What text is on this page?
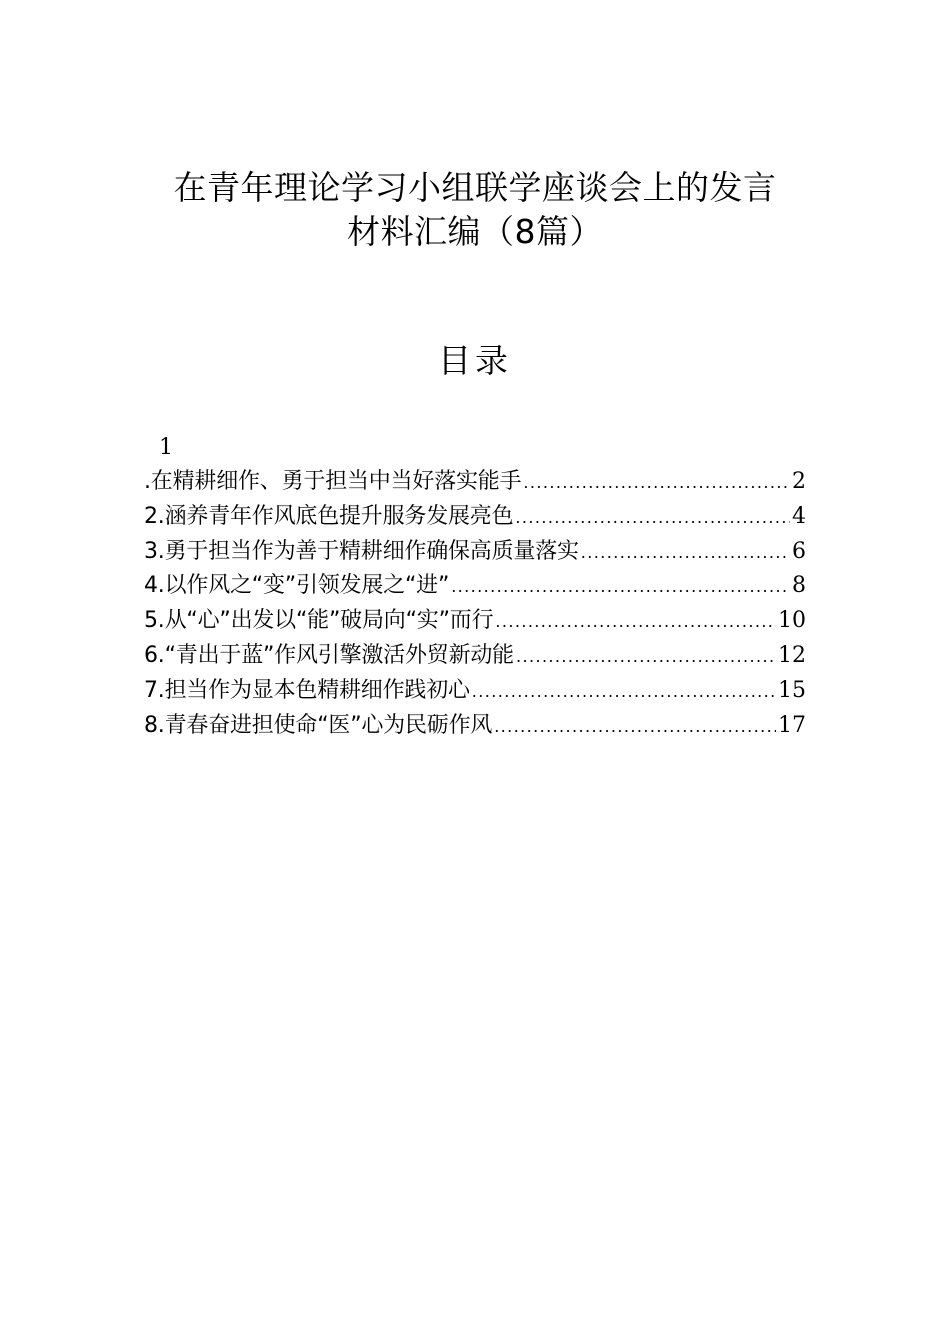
在青年理论学习小组联学座谈会上的发言
材料汇编（8篇）
目录
1
.在精耕细作、勇于担当中当好落实能手 .....	2
2.涵养青年作风底色提升服务发展亮色 .....	4
3.勇于担当作为善于精耕细作确保高质量落实 .....	6
4.以作风之“变”引领发展之“进” .....	8
5.从“心”出发以“能”破局向“实”而行 .....	10
6.“青出于蓝”作风引擎激活外贸新动能 .....	12
7.担当作为显本色精耕细作践初心 .....	15
8.青春奋进担使命“医”心为民砺作风 .....	17
